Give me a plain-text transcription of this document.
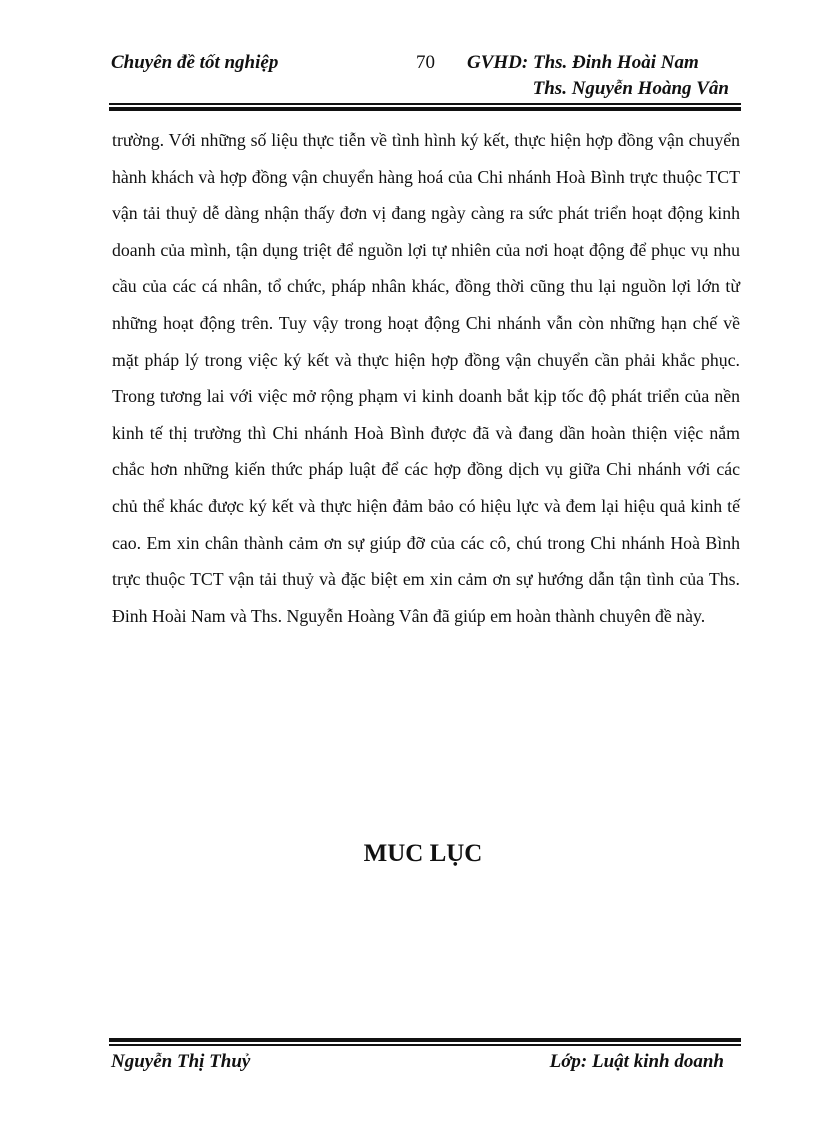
Chuyên đề tốt nghiệp	70 GVHD: Ths. Đinh Hoài Nam
Ths. Nguyễn Hoàng Vân

trường. Với những số liệu thực tiễn về tình hình ký kết, thực hiện hợp đồng vận chuyển hành khách và hợp đồng vận chuyển hàng hoá của Chi nhánh Hoà Bình trực thuộc TCT vận tải thuỷ dễ dàng nhận thấy đơn vị đang ngày càng ra sức phát triển hoạt động kinh doanh của mình, tận dụng triệt để nguồn lợi tự nhiên của nơi hoạt động để phục vụ nhu cầu của các cá nhân, tổ chức, pháp nhân khác, đồng thời cũng thu lại nguồn lợi lớn từ những hoạt động trên. Tuy vậy trong hoạt động Chi nhánh vẫn còn những hạn chế về mặt pháp lý trong việc ký kết và thực hiện hợp đồng vận chuyển cần phải khắc phục. Trong tương lai với việc mở rộng phạm vi kinh doanh bắt kịp tốc độ phát triển của nền kinh tế thị trường thì Chi nhánh Hoà Bình được đã và đang dần hoàn thiện việc nắm chắc hơn những kiến thức pháp luật để các hợp đồng dịch vụ giữa Chi nhánh với các chủ thể khác được ký kết và thực hiện đảm bảo có hiệu lực và đem lại hiệu quả kinh tế cao. Em xin chân thành cảm ơn sự giúp đỡ của các cô, chú trong Chi nhánh Hoà Bình trực thuộc TCT vận tải thuỷ và đặc biệt em xin cảm ơn sự hướng dẫn tận tình của Ths. Đinh Hoài Nam và Ths. Nguyễn Hoàng Vân đã giúp em hoàn thành chuyên đề này.

MUC LỤC
Nguyễn Thị Thuỷ	Lớp: Luật kinh doanh
